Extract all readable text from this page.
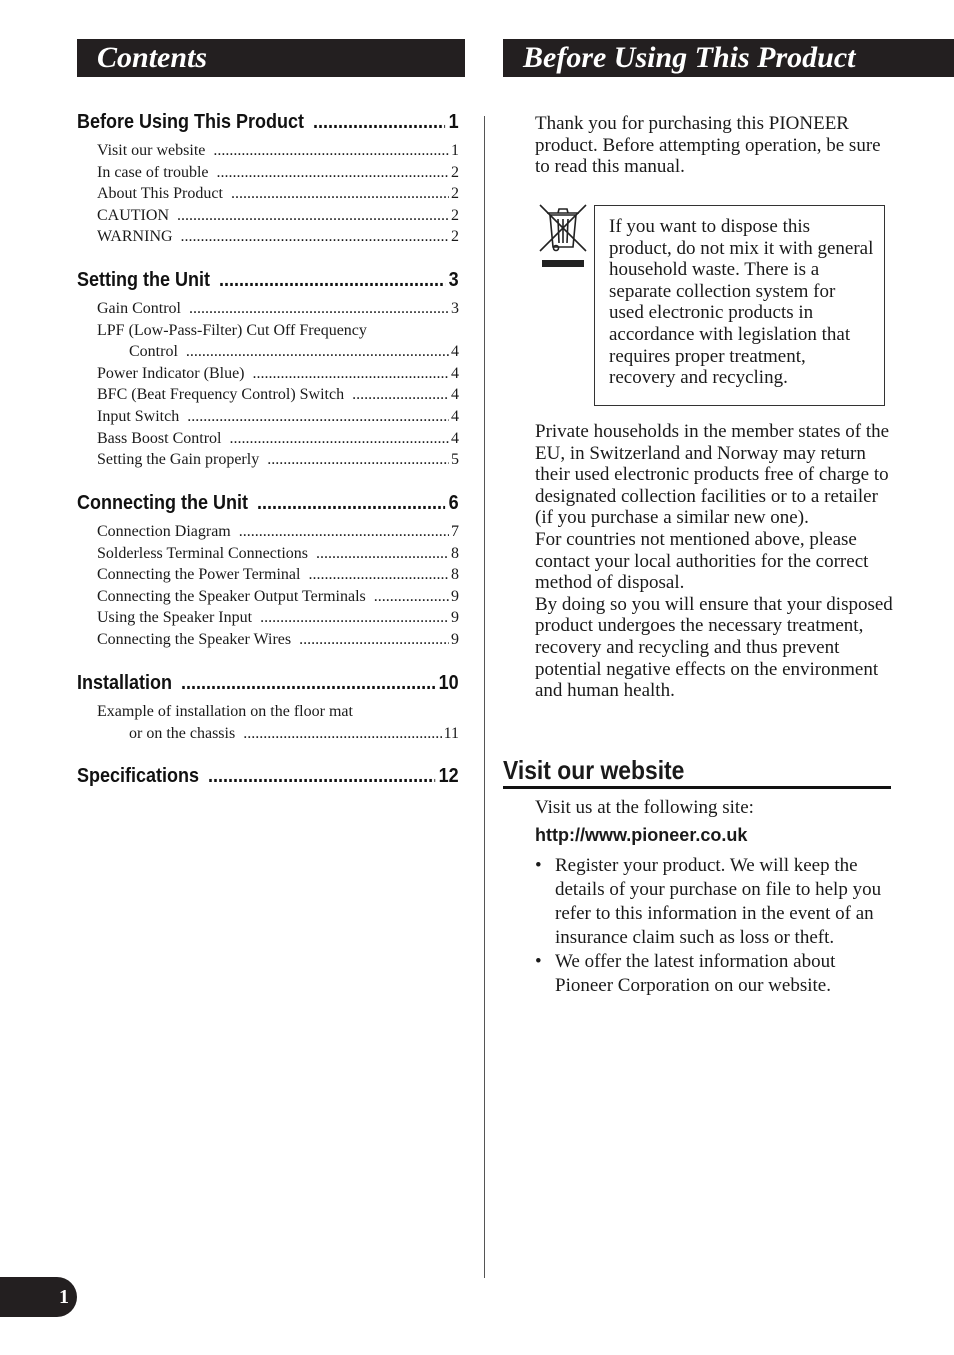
Contents	Before Using This Product
Before Using This Product .....	1
Visit our website .....	1
In case of trouble .....	2
About This Product .....	2
CAUTION .....	2
WARNING .....	2
Setting the Unit .....	3
Gain Control .....	3
LPF (Low-Pass-Filter) Cut Off Frequency
Control .....	4
Power Indicator (Blue) .....	4
BFC (Beat Frequency Control) Switch .....	4
Input Switch .....	4
Bass Boost Control .....	4
Setting the Gain properly .....	5
Connecting the Unit .....	6
Connection Diagram .....	7
Solderless Terminal Connections .....	8
Connecting the Power Terminal .....	8
Connecting the Speaker Output Terminals .....	9
Using the Speaker Input .....	9
Connecting the Speaker Wires .....	9
Installation .....	10
Example of installation on the floor mat
or on the chassis .....	11
Specifications .....	12

Thank you for purchasing this PIONEER product. Before attempting operation, be sure to read this manual.

If you want to dispose this product, do not mix it with general household waste. There is a separate collection system for used electronic products in accordance with legislation that requires proper treatment, recovery and recycling.

Private households in the member states of the EU, in Switzerland and Norway may return their used electronic products free of charge to designated collection facilities or to a retailer (if you purchase a similar new one).

For countries not mentioned above, please contact your local authorities for the correct method of disposal.

By doing so you will ensure that your disposed product undergoes the necessary treatment, recovery and recycling and thus prevent potential negative effects on the environment and human health.

Visit our website

Visit us at the following site:

http://www.pioneer.co.uk
• Register your product. We will keep the details of your purchase on file to help you refer to this information in the event of an insurance claim such as loss or theft.
• We offer the latest information about Pioneer Corporation on our website.
1
